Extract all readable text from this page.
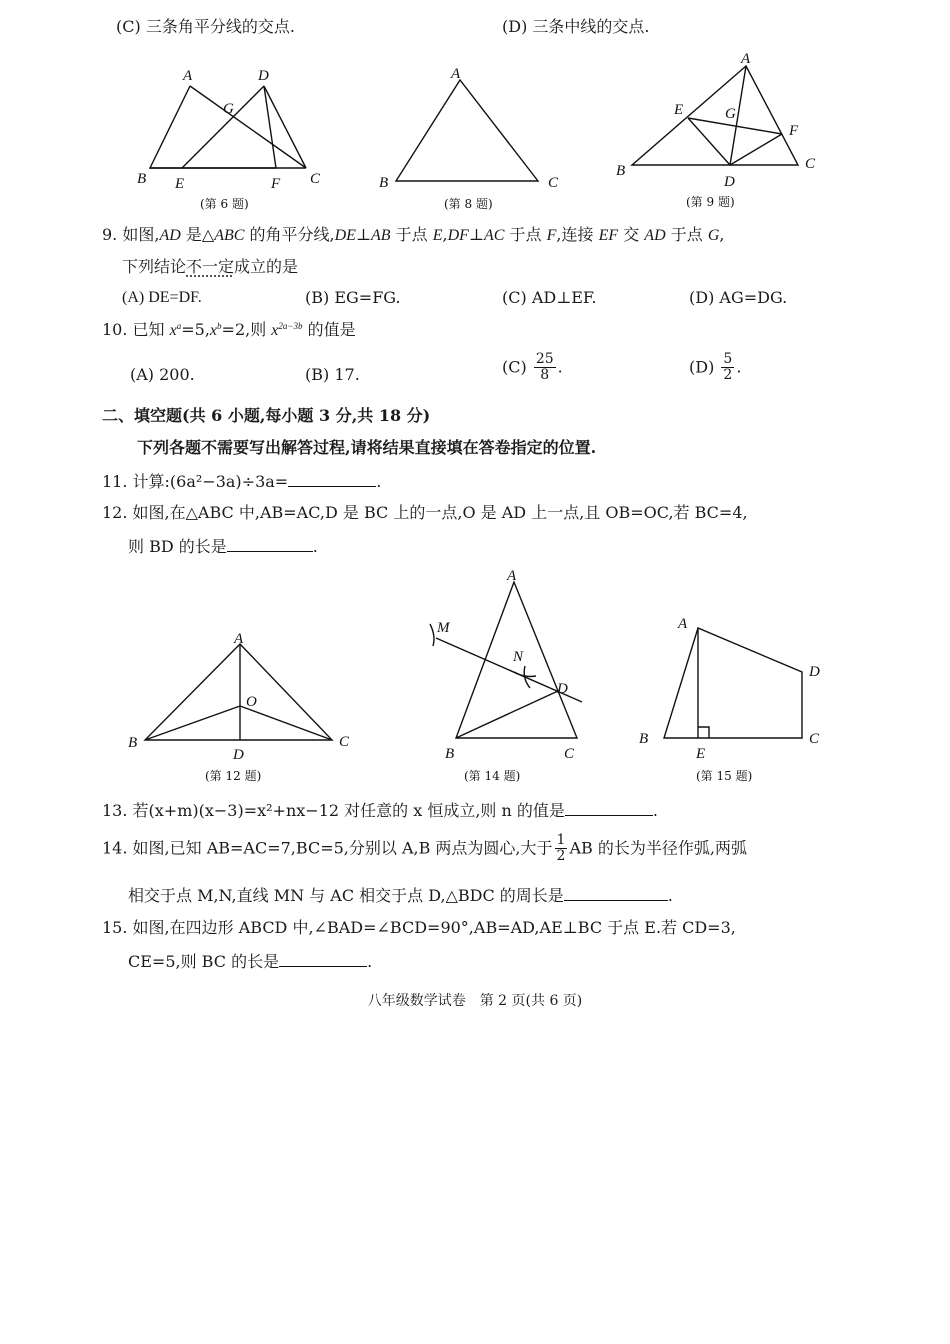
(C) 三条角平分线的交点.	(D) 三条中线的交点.
A	D
G
B E	F C
(第 6 题)
A
B	C
(第 8 题)
A
E	G
F
B
D
C
(第 9 题)
9. 如图,AD 是△ABC 的角平分线,DE⊥AB 于点 E,DF⊥AC 于点 F,连接 EF 交 AD 于点 G,
下列结论不一定成立的是
(A) DE=DF.	(B) EG=FG.	(C) AD⊥EF.	(D) AG=DG.
10. 已知 $x^a=5,x^b=2$,则 $x^{2a-3b}$ 的值是
(A) 200.	(B) 17.	$(C) \frac{25}{8}$ .	$(D) \frac{5}{2}$ .
二、填空题(共 6 小题,每小题 3 分,共 18 分)
下列各题不需要写出解答过程,请将结果直接填在答卷指定的位置.
11. 计算:(6a²−3a)÷3a=	.
12. 如图,在△ABC 中,AB=AC,D 是 BC 上的一点,O 是 AD 上一点,且 OB=OC,若 BC=4,
则 BD 的长是	.
A
O
B
D
C
(第 12 题)
A
M
N
D
B	C
(第 14 题)
A
D
B
E
C
(第 15 题)
13. 若(x+m)(x−3)=x²+nx−12 对任意的 x 恒成立,则 n 的值是	.
14. 如图,已知 AB=AC=7,BC=5,分别以 A,B 两点为圆心,大于 $\frac{1}{2}$ AB 的长为半径作弧,两弧
相交于点 M,N,直线 MN 与 AC 相交于点 D,△BDC 的周长是	.
15. 如图,在四边形 ABCD 中,∠BAD=∠BCD=90°,AB=AD,AE⊥BC 于点 E.若 CD=3,
CE=5,则 BC 的长是	.
八年级数学试卷　第 2 页(共 6 页)
